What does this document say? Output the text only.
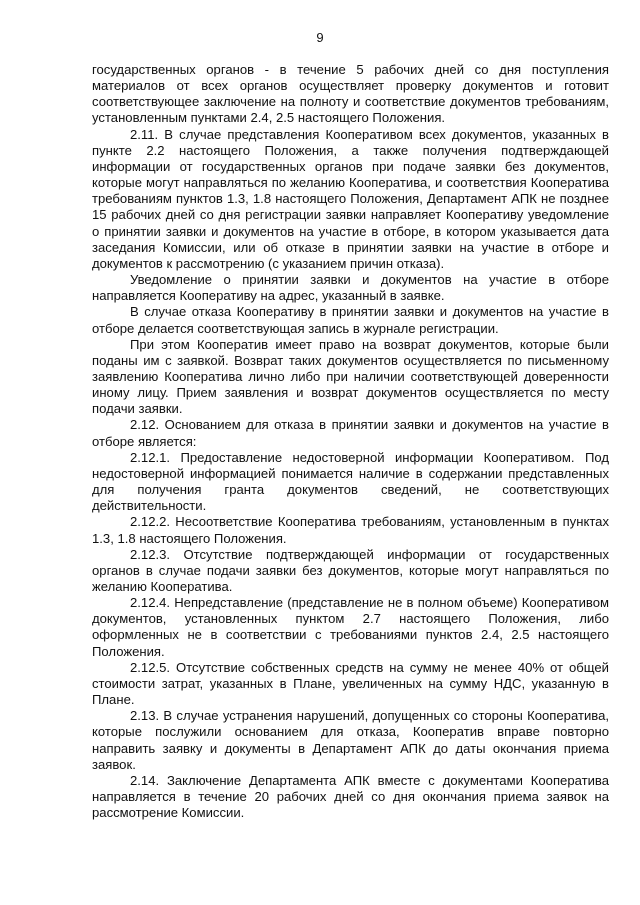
9

государственных органов - в течение 5 рабочих дней со дня поступления материалов от всех органов осуществляет проверку документов и готовит соответствующее заключение на полноту и соответствие документов требованиям, установленным пунктами 2.4, 2.5 настоящего Положения.

2.11. В случае представления Кооперативом всех документов, указанных в пункте 2.2 настоящего Положения, а также получения подтверждающей информации от государственных органов при подаче заявки без документов, которые могут направляться по желанию Кооператива, и соответствия Кооператива требованиям пунктов 1.3, 1.8 настоящего Положения, Департамент АПК не позднее 15 рабочих дней со дня регистрации заявки направляет Кооперативу уведомление о принятии заявки и документов на участие в отборе, в котором указывается дата заседания Комиссии, или об отказе в принятии заявки на участие в отборе и документов к рассмотрению (с указанием причин отказа).

Уведомление о принятии заявки и документов на участие в отборе направляется Кооперативу на адрес, указанный в заявке.

В случае отказа Кооперативу в принятии заявки и документов на участие в отборе делается соответствующая запись в журнале регистрации.

При этом Кооператив имеет право на возврат документов, которые были поданы им с заявкой. Возврат таких документов осуществляется по письменному заявлению Кооператива лично либо при наличии соответствующей доверенности иному лицу. Прием заявления и возврат документов осуществляется по месту подачи заявки.

2.12. Основанием для отказа в принятии заявки и документов на участие в отборе является:

2.12.1. Предоставление недостоверной информации Кооперативом. Под недостоверной информацией понимается наличие в содержании представленных для получения гранта документов сведений, не соответствующих действительности.

2.12.2. Несоответствие Кооператива требованиям, установленным в пунктах 1.3, 1.8 настоящего Положения.

2.12.3. Отсутствие подтверждающей информации от государственных органов в случае подачи заявки без документов, которые могут направляться по желанию Кооператива.

2.12.4. Непредставление (представление не в полном объеме) Кооперативом документов, установленных пунктом 2.7 настоящего Положения, либо оформленных не в соответствии с требованиями пунктов 2.4, 2.5 настоящего Положения.

2.12.5. Отсутствие собственных средств на сумму не менее 40% от общей стоимости затрат, указанных в Плане, увеличенных на сумму НДС, указанную в Плане.

2.13. В случае устранения нарушений, допущенных со стороны Кооператива, которые послужили основанием для отказа, Кооператив вправе повторно направить заявку и документы в Департамент АПК до даты окончания приема заявок.

2.14. Заключение Департамента АПК вместе с документами Кооператива направляется в течение 20 рабочих дней со дня окончания приема заявок на рассмотрение Комиссии.
